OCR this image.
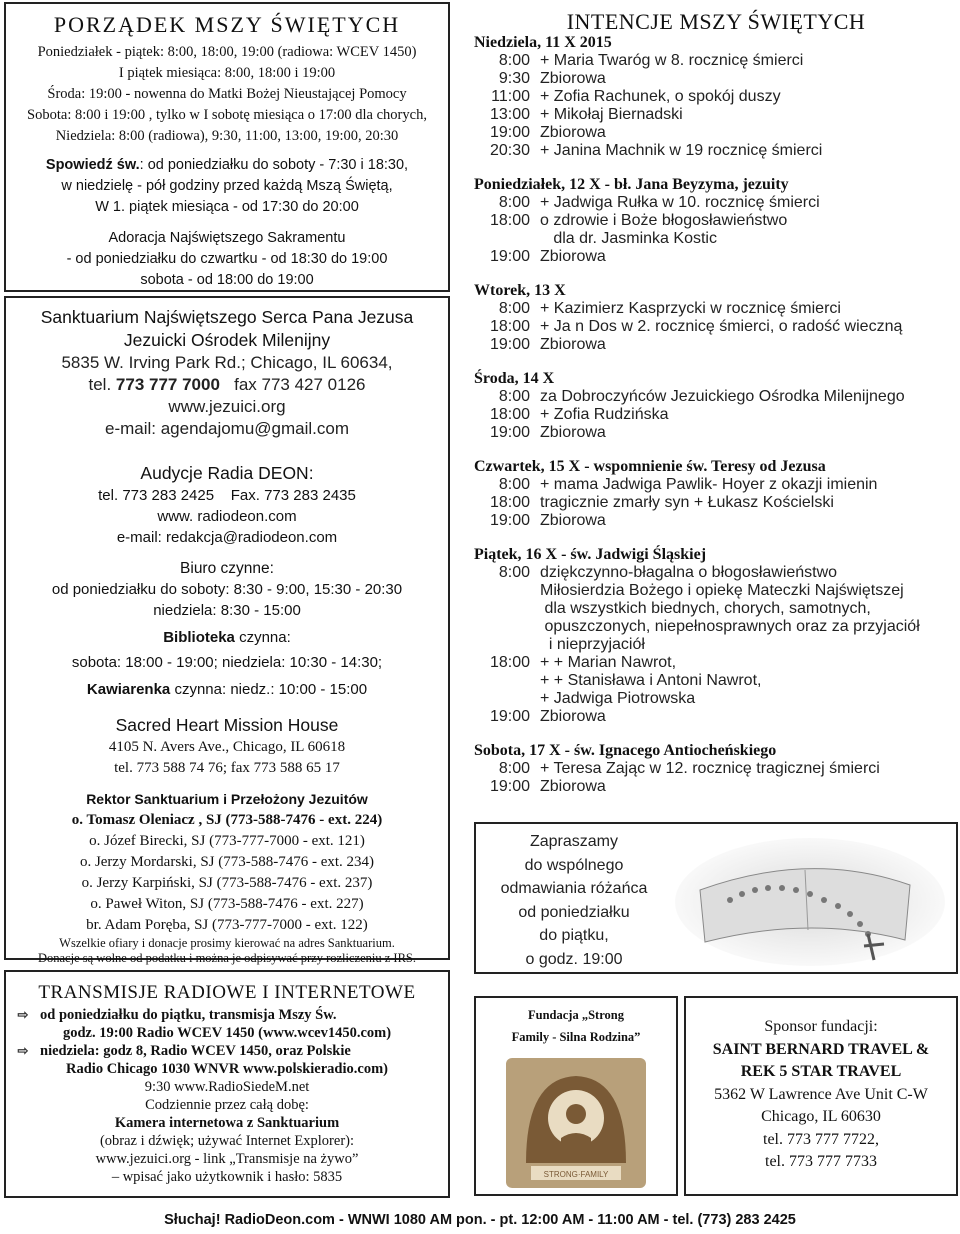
PORZĄDEK MSZY ŚWIĘTYCH

Poniedziałek - piątek: 8:00, 18:00, 19:00 (radiowa: WCEV 1450)

I piątek miesiąca: 8:00, 18:00 i 19:00

Środa: 19:00 - nowenna do Matki Bożej Nieustającej Pomocy

Sobota: 8:00 i 19:00 , tylko w I sobotę miesiąca o 17:00 dla chorych,

Niedziela: 8:00 (radiowa), 9:30, 11:00, 13:00, 19:00, 20:30

Spowiedź św.: od poniedziałku do soboty - 7:30 i 18:30,
w niedzielę - pół godziny przed każdą Mszą Świętą,
W 1. piątek miesiąca - od 17:30 do 20:00
Adoracja Najświętszego Sakramentu
- od poniedziałku do czwartku - od 18:30 do 19:00
sobota - od 18:00 do 19:00
Sanktuarium Najświętszego Serca Pana Jezusa
Jezuicki Ośrodek Milenijny
5835 W. Irving Park Rd.; Chicago, IL 60634,
tel. 773 777 7000 fax 773 427 0126
www.jezuici.org
e-mail: agendajomu@gmail.com
Audycje Radia DEON:
tel. 773 283 2425 Fax. 773 283 2435
www. radiodeon.com
e-mail: redakcja@radiodeon.com
Biuro czynne:
od poniedziałku do soboty: 8:30 - 9:00, 15:30 - 20:30
niedziela: 8:30 - 15:00
Biblioteka czynna:
sobota: 18:00 - 19:00; niedziela: 10:30 - 14:30;
Kawiarenka czynna: niedz.: 10:00 - 15:00
Sacred Heart Mission House
4105 N. Avers Ave., Chicago, IL 60618
tel. 773 588 74 76; fax 773 588 65 17
Rektor Sanktuarium i Przełożony Jezuitów
o. Tomasz Oleniacz , SJ (773-588-7476 - ext. 224)
o. Józef Birecki, SJ (773-777-7000 - ext. 121)
o. Jerzy Mordarski, SJ (773-588-7476 - ext. 234)
o. Jerzy Karpiński, SJ (773-588-7476 - ext. 237)
o. Paweł Witon, SJ (773-588-7476 - ext. 227)
br. Adam Poręba, SJ (773-777-7000 - ext. 122)
Wszelkie ofiary i donacje prosimy kierować na adres Sanktuarium.
Donacje są wolne od podatku i można je odpisywać przy rozliczeniu z IRS.
TRANSMISJE RADIOWE I INTERNETOWE
⇨ od poniedziałku do piątku, transmisja Mszy Św.
godz. 19:00 Radio WCEV 1450 (www.wcev1450.com)
⇨ niedziela: godz 8, Radio WCEV 1450, oraz Polskie
Radio Chicago 1030 WNVR www.polskieradio.com)
9:30 www.RadioSiedeM.net
Codziennie przez całą dobę:
Kamera internetowa z Sanktuarium
(obraz i dźwięk; używać Internet Explorer):
www.jezuici.org - link „Transmisje na żywo”
– wpisać jako użytkownik i hasło: 5835
INTENCJE MSZY ŚWIĘTYCH
Niedziela, 11 X 2015
8:00 + Maria Twaróg w 8. rocznicę śmierci
9:30 Zbiorowa
11:00 + Zofia Rachunek, o spokój duszy
13:00 + Mikołaj Biernadski
19:00 Zbiorowa
20:30 + Janina Machnik w 19 rocznicę śmierci
Poniedziałek, 12 X - bł. Jana Beyzyma, jezuity
8:00 + Jadwiga Rułka w 10. rocznicę śmierci
18:00 o zdrowie i Boże błogosławieństwo
dla dr. Jasminka Kostic
19:00 Zbiorowa
Wtorek, 13 X
8:00 + Kazimierz Kasprzycki w rocznicę śmierci
18:00 + Ja n Dos w 2. rocznicę śmierci, o radość wieczną
19:00 Zbiorowa
Środa, 14 X
8:00 za Dobroczyńców Jezuickiego Ośrodka Milenijnego
18:00 + Zofia Rudzińska
19:00 Zbiorowa
Czwartek, 15 X - wspomnienie św. Teresy od Jezusa
8:00 + mama Jadwiga Pawlik- Hoyer z okazji imienin
18:00 tragicznie zmarły syn + Łukasz Kościelski
19:00 Zbiorowa
Piątek, 16 X - św. Jadwigi Śląskiej
8:00 dziękczynno-błagalna o błogosławieństwo
Miłosierdzia Bożego i opiekę Mateczki Najświętszej
dla wszystkich biednych, chorych, samotnych,
opuszczonych, niepełnosprawnych oraz za przyjaciół
i nieprzyjaciół
18:00 + + Marian Nawrot,
+ + Stanisława i Antoni Nawrot,
+ Jadwiga Piotrowska
19:00 Zbiorowa
Sobota, 17 X - św. Ignacego Antiocheńskiego
8:00 + Teresa Zając w 12. rocznicę tragicznej śmierci
19:00 Zbiorowa
Zapraszamy
do wspólnego
odmawiania różańca
od poniedziałku
do piątku,
o godz. 19:00
Fundacja „Strong
Family - Silna Rodzina”
STRONG·FAMILY
Sponsor fundacji:
SAINT BERNARD TRAVEL &
REK 5 STAR TRAVEL
5362 W Lawrence Ave Unit C-W
Chicago, IL 60630
tel. 773 777 7722,
tel. 773 777 7733
Słuchaj! RadioDeon.com - WNWI 1080 AM pon. - pt. 12:00 AM - 11:00 AM - tel. (773) 283 2425
